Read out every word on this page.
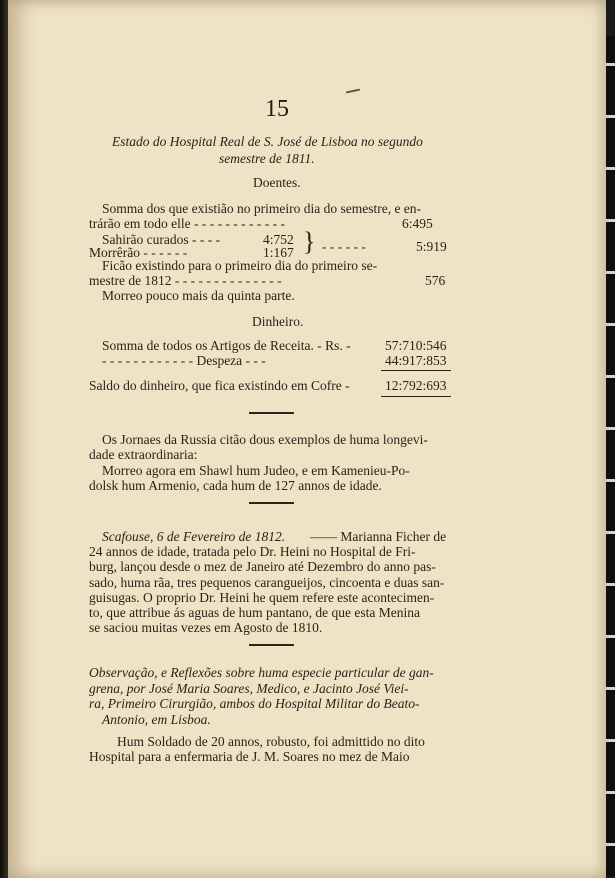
15
Estado do Hospital Real de S. José de Lisboa no segundo
semestre de 1811.
Doentes.
Somma dos que existião no primeiro dia do semestre, e en-
trárão em todo elle - - - - - - - - - - - -	6:495
Sahirão curados - - - -	4:752
Morrêrão - - - - - -	1:167 } - - - - - -	5:919
Ficão existindo para o primeiro dia do primeiro se-
mestre de 1812 - - - - - - - - - - - - - -	576
Morreo pouco mais da quinta parte.
Dinheiro.
Somma de todos os Artigos de Receita. - Rs. -	57:710:546
- - - - - - - - - - - - Despeza - - -	44:917:853
Saldo do dinheiro, que fica existindo em Cofre -	12:792:693
Os Jornaes da Russia citão dous exemplos de huma longevi-
dade extraordinaria:
Morreo agora em Shawl hum Judeo, e em Kamenieu-Po-
dolsk hum Armenio, cada hum de 127 annos de idade.
Scafouse, 6 de Fevereiro de 1812. —— Marianna Ficher de
24 annos de idade, tratada pelo Dr. Heini no Hospital de Fri-
burg, lançou desde o mez de Janeiro até Dezembro do anno pas-
sado, huma rãa, tres pequenos carangueijos, cincoenta e duas san-
guisugas. O proprio Dr. Heini he quem refere este acontecimen-
to, que attribue ás aguas de hum pantano, de que esta Menina
se saciou muitas vezes em Agosto de 1810.
Observação, e Reflexões sobre huma especie particular de gan-
grena, por José Maria Soares, Medico, e Jacinto José Viei-
ra, Primeiro Cirurgião, ambos do Hospital Militar do Beato-
Antonio, em Lisboa.
Hum Soldado de 20 annos, robusto, foi admittido no dito
Hospital para a enfermaria de J. M. Soares no mez de Maio
